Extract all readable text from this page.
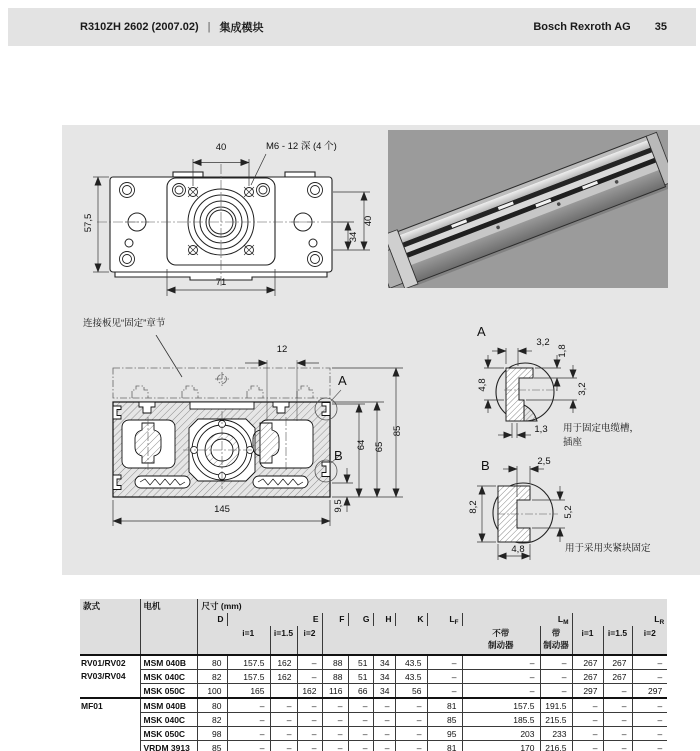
R310ZH 2602 (2007.02) | 集成模块	Bosch Rexroth AG 35
连接板见“固定”章节
40	M6 - 12 深 (4 个)
57,5	40
34
71
12
145
64 65
85
9,5
A
B
A
3,2
1,8
4,8	3,2
1,3	用于固定电缆槽，
插座
B	2,5
8,2	5,2
4,8	用于采用夹紧块固定
款式	电机	尺寸 (mm)													
		D			E	F	G	H	K	$L_F$		$L_M$			$L_R$
			i=1	i=1.5	i=2						不带
制动器	带
制动器	i=1	i=1.5	i=2

RV01/RV02
RV03/RV04	MSM 040B	80	157.5	162	–	88	51	34	43.5	–	–	–	267	267	–
	MSK 040C	82	157.5	162	–	88	51	34	43.5	–	–	–	267	267	–
	MSK 050C	100	165		162	116	66	34	56	–	–	–	297	–	297

MF01	MSM 040B	80	–	–	–	–	–	–	–	81	157.5	191.5	–	–	–
	MSK 040C	82	–	–	–	–	–	–	–	85	185.5	215.5	–	–	–
	MSK 050C	98	–	–	–	–	–	–	–	95	203	233	–	–	–
	VRDM 3913	85	–	–	–	–	–	–	–	81	170	216.5	–	–	–
